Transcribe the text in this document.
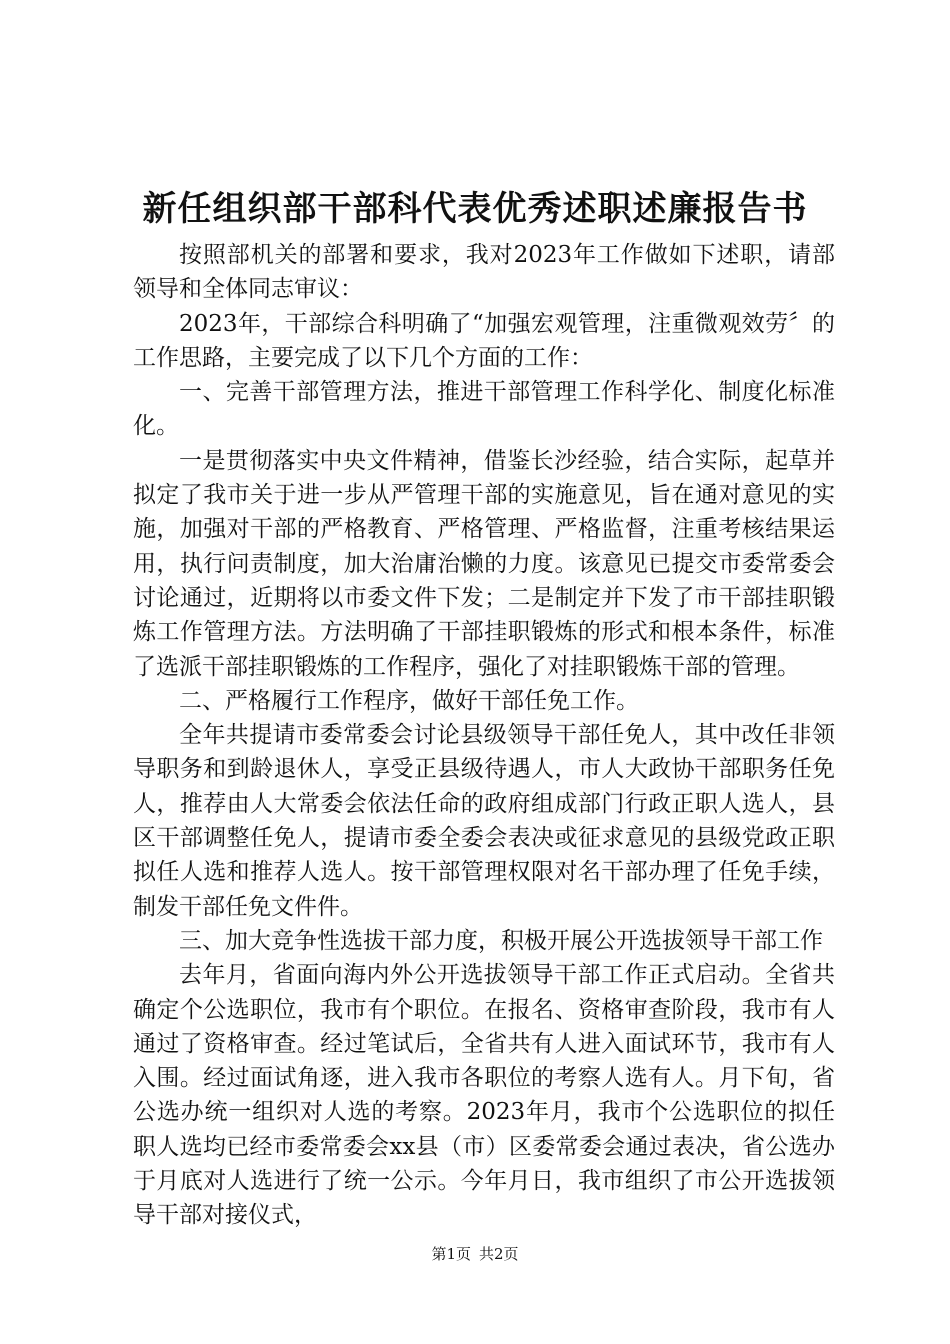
新任组织部干部科代表优秀述职述廉报告书

按照部机关的部署和要求，我对2023年工作做如下述职，请部领导和全体同志审议：

2023年，干部综合科明确了“加强宏观管理，注重微观效劳〞的工作思路，主要完成了以下几个方面的工作：

一、完善干部管理方法，推进干部管理工作科学化、制度化标准化。

一是贯彻落实中央文件精神，借鉴长沙经验，结合实际，起草并拟定了我市关于进一步从严管理干部的实施意见，旨在通对意见的实施，加强对干部的严格教育、严格管理、严格监督，注重考核结果运用，执行问责制度，加大治庸治懒的力度。该意见已提交市委常委会讨论通过，近期将以市委文件下发；二是制定并下发了市干部挂职锻炼工作管理方法。方法明确了干部挂职锻炼的形式和根本条件，标准了选派干部挂职锻炼的工作程序，强化了对挂职锻炼干部的管理。

二、严格履行工作程序，做好干部任免工作。

全年共提请市委常委会讨论县级领导干部任免人，其中改任非领导职务和到龄退休人，享受正县级待遇人，市人大政协干部职务任免人，推荐由人大常委会依法任命的政府组成部门行政正职人选人，县区干部调整任免人，提请市委全委会表决或征求意见的县级党政正职拟任人选和推荐人选人。按干部管理权限对名干部办理了任免手续，制发干部任免文件件。

三、加大竞争性选拔干部力度，积极开展公开选拔领导干部工作

去年月，省面向海内外公开选拔领导干部工作正式启动。全省共确定个公选职位，我市有个职位。在报名、资格审查阶段，我市有人通过了资格审查。经过笔试后，全省共有人进入面试环节，我市有人入围。经过面试角逐，进入我市各职位的考察人选有人。月下旬，省公选办统一组织对人选的考察。2023年月，我市个公选职位的拟任职人选均已经市委常委会xx县（市）区委常委会通过表决，省公选办于月底对人选进行了统一公示。今年月日，我市组织了市公开选拔领导干部对接仪式，

第1页 共2页
